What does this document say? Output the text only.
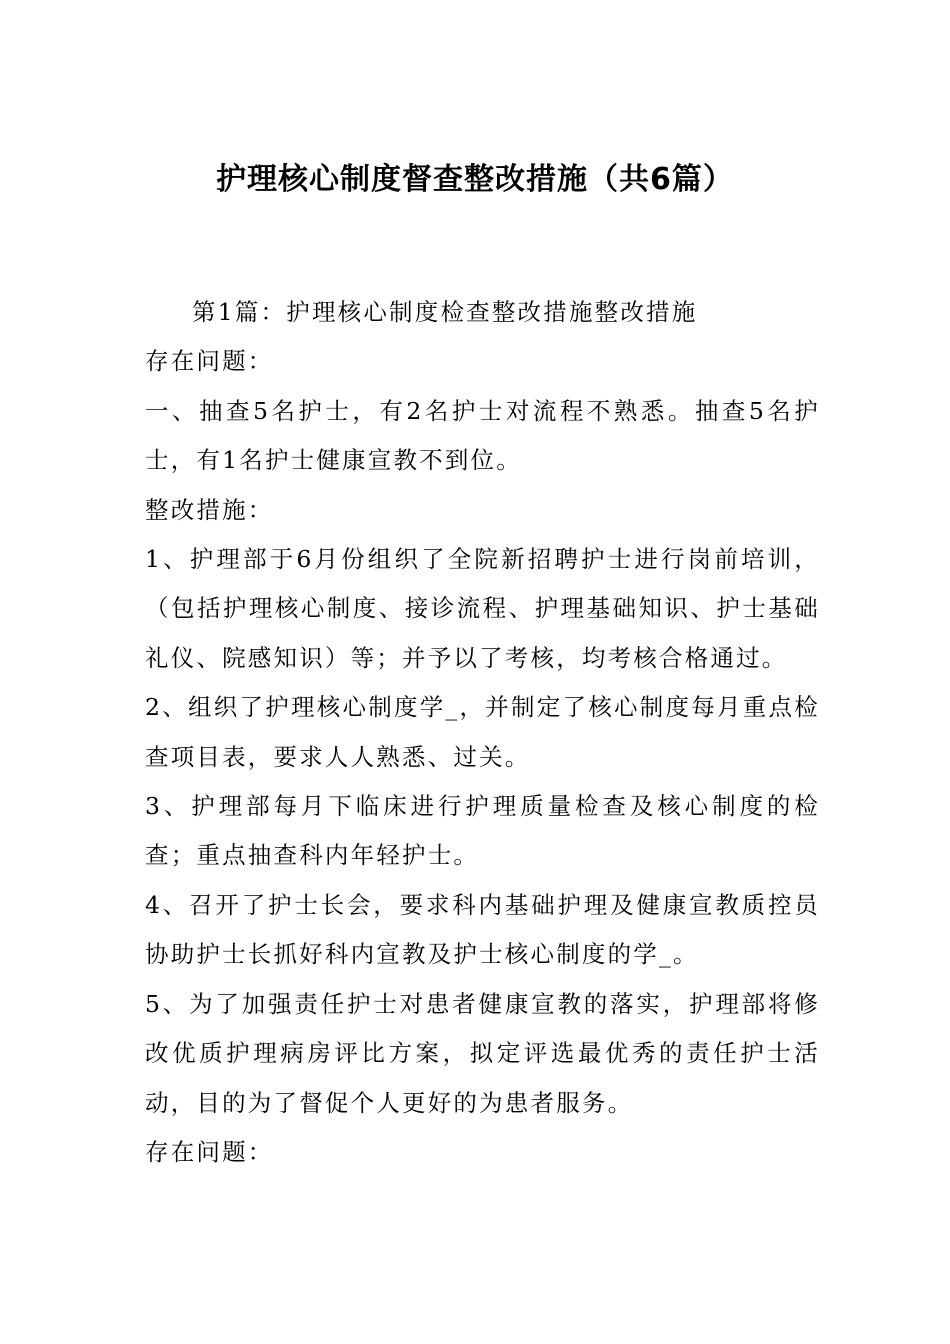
护理核心制度督查整改措施（共6篇）

第1篇：护理核心制度检查整改措施整改措施

存在问题：

一、抽查5名护士，有2名护士对流程不熟悉。抽查5名护士，有1名护士健康宣教不到位。

整改措施：

1、护理部于6月份组织了全院新招聘护士进行岗前培训，（包括护理核心制度、接诊流程、护理基础知识、护士基础礼仪、院感知识）等；并予以了考核，均考核合格通过。

2、组织了护理核心制度学_，并制定了核心制度每月重点检查项目表，要求人人熟悉、过关。

3、护理部每月下临床进行护理质量检查及核心制度的检查；重点抽查科内年轻护士。

4、召开了护士长会，要求科内基础护理及健康宣教质控员协助护士长抓好科内宣教及护士核心制度的学_。

5、为了加强责任护士对患者健康宣教的落实，护理部将修改优质护理病房评比方案，拟定评选最优秀的责任护士活动，目的为了督促个人更好的为患者服务。

存在问题：
